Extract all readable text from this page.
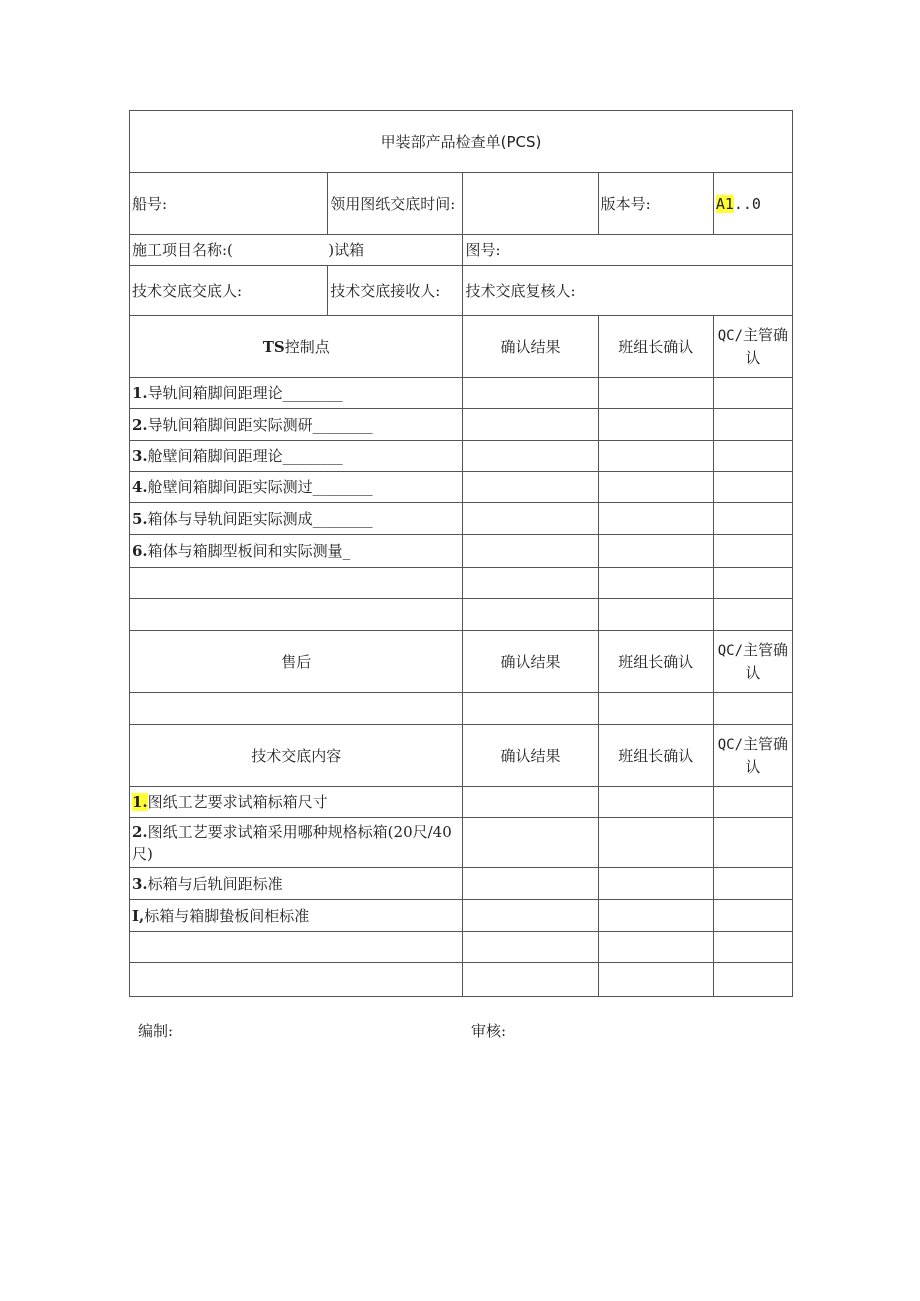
甲装部产品检查单(PCS)				
船号:	领用图纸交底时间:		版本号:	A1..0
施工项目名称:(                    )试箱		图号:		
技术交底交底人:	技术交底接收人:	技术交底复核人:		
TS控制点		确认结果	班组长确认	QC/主管确认
1.导轨间箱脚间距理论________				
2.导轨间箱脚间距实际测研________				
3.舱壁间箱脚间距理论________				
4.舱壁间箱脚间距实际测过________				
5.箱体与导轨间距实际测成________				
6.箱体与箱脚型板间和实际测量_				

售后		确认结果	班组长确认	QC/主管确认

技术交底内容		确认结果	班组长确认	QC/主管确认
1.图纸工艺要求试箱标箱尺寸				
2.图纸工艺要求试箱采用哪种规格标箱(20尺/40尺)				
3.标箱与后轨间距标准				
I,标箱与箱脚蛰板间柜标准				

编制:	审核:
